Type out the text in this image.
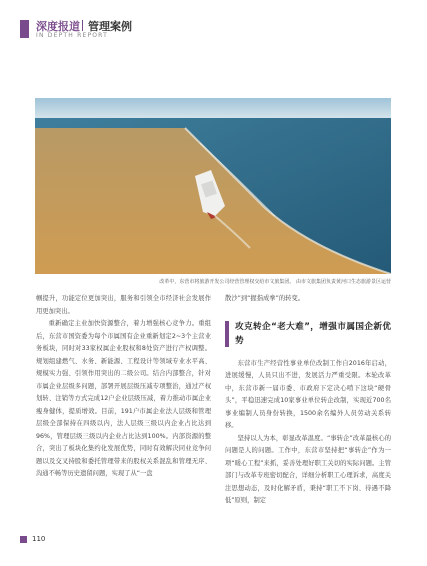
深度报道 管理案例
IN DEPTH REPORT
改革中，东营市将旅游开发公司经营管理权交给市文旅集团。 由市文旅集团负责黄河口生态旅游景区运营

帼提升，功能定位更加突出，服务和引领全市经济社会发展作用更加突出。

重新确定主业加快资源整合，着力增强核心竞争力。重组后，东营市国资委为每个市属国有企业重新划定2~3个主营业务板块，同时对33家权属企业股权和8处资产进行产权调整。规划组建燃气、水务、新能源、工程设计等领域专业水平高、规模实力强、引领作用突出的二级公司。结合内部整合，针对市属企业层级多问题，部署开展层级压减专项整治，通过产权划转、注销等方式完成12户企业层级压减，着力推动市属企业瘦身健体，提质增效。目前，191户市属企业法人层级和管理层级全部保持在四级以内，法人层级三级以内企业占比达到96%，管理层级三级以内企业占比达到100%。内部资源的整合，突出了板块化集约化发展优势，同时有效解决同业竞争问题以及交叉持股和委托管理带来的股权关系混乱和管理无序、沟通不畅等历史遗留问题，实现了从“一盘

散沙”到“握指成拳”的转变。

攻克转企“老大难”，增强市属国企新优势

东营市生产经营性事业单位改制工作自2016年启动，进展缓慢，人员只出不进，发展活力严重受限。本轮改革中，东营市新一届市委、市政府下定决心啃下这块“硬骨头”，平稳迅速完成10家事业单位转企改制，实现近700名事业编制人员身份转换，1500余名编外人员劳动关系转移。

坚持以人为本，彰显改革温度。“事转企”改革最核心的问题是人的问题。工作中，东营市坚持把“事转企”作为一项“暖心工程”来抓，妥善处理好职工关切的实际问题。主管部门与改革专班密切配合，详细分析职工心理诉求，高度关注思想动态，及时化解矛盾，秉持“职工不下岗、待遇不降低”原则，制定

110
